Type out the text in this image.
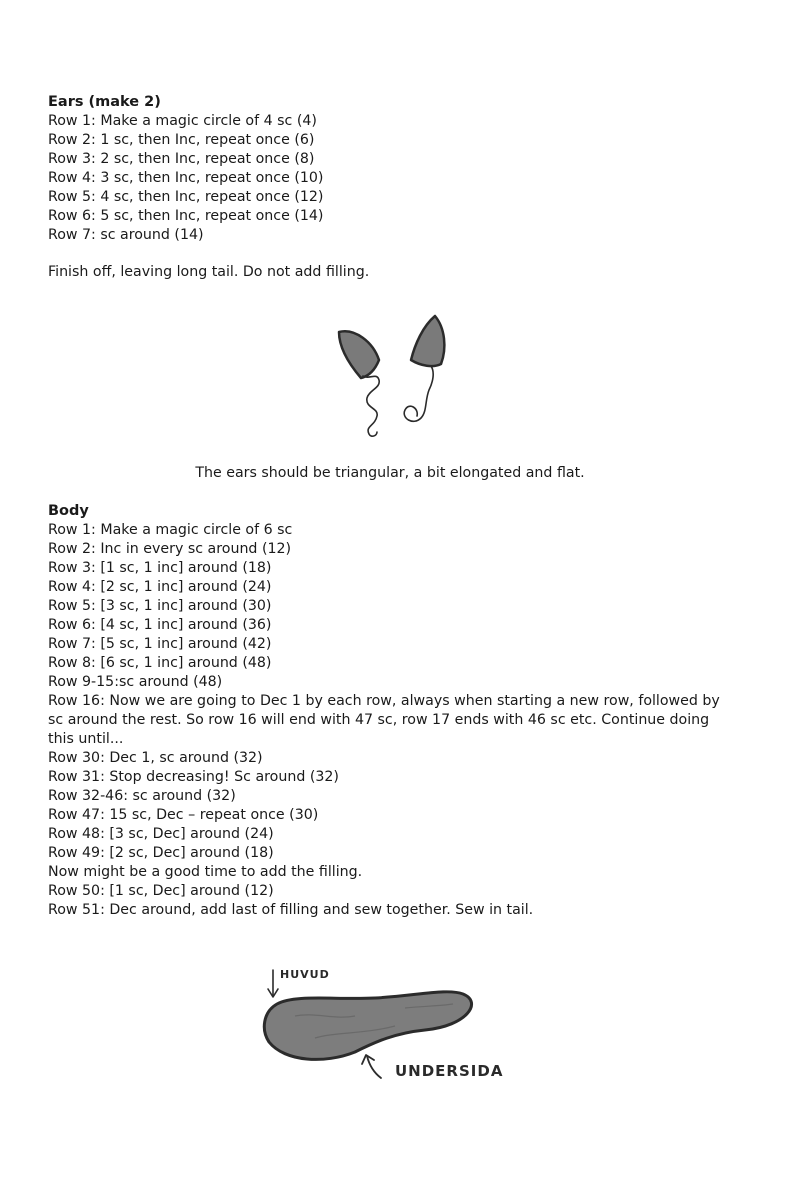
Ears (make 2)
Row 1: Make a magic circle of 4 sc (4)
Row 2: 1 sc, then Inc, repeat once (6)
Row 3: 2 sc, then Inc, repeat once (8)
Row 4: 3 sc, then Inc, repeat once (10)
Row 5: 4 sc, then Inc, repeat once (12)
Row 6: 5 sc, then Inc, repeat once (14)
Row 7: sc around (14)

Finish off, leaving long tail. Do not add filling.

The ears should be triangular, a bit elongated and flat.

Body
Row 1: Make a magic circle of 6 sc
Row 2: Inc in every sc around (12)
Row 3: [1 sc, 1 inc] around (18)
Row 4: [2 sc, 1 inc] around (24)
Row 5: [3 sc, 1 inc] around (30)
Row 6: [4 sc, 1 inc] around (36)
Row 7: [5 sc, 1 inc] around (42)
Row 8: [6 sc, 1 inc] around (48)
Row 9-15:sc around (48)
Row 16: Now we are going to Dec 1 by each row, always when starting a new row, followed by sc around the rest. So row 16 will end with 47 sc, row 17 ends with 46 sc etc. Continue doing this until...
Row 30: Dec 1, sc around (32)
Row 31: Stop decreasing! Sc around (32)
Row 32-46: sc around (32)
Row 47: 15 sc, Dec – repeat once (30)
Row 48: [3 sc, Dec] around (24)
Row 49: [2 sc, Dec] around (18)
Now might be a good time to add the filling.
Row 50: [1 sc, Dec] around (12)
Row 51: Dec around, add last of filling and sew together. Sew in tail.
HUVUD
UNDERSIDA
